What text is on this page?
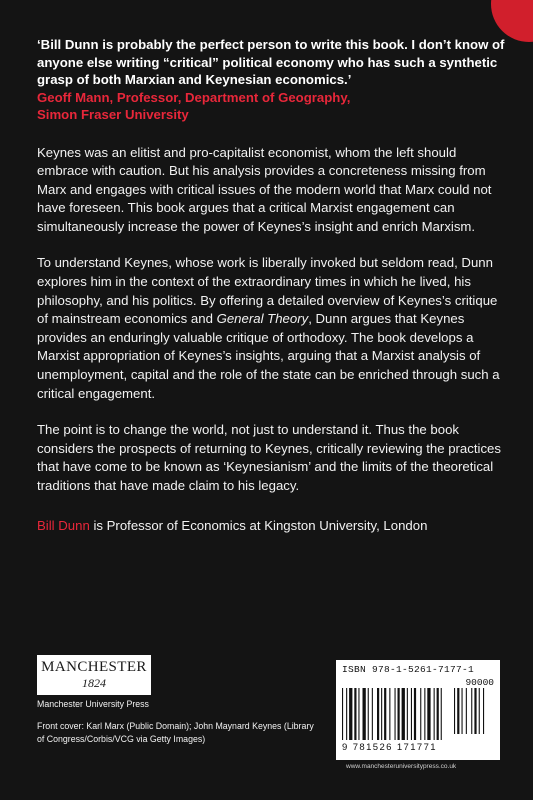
‘Bill Dunn is probably the perfect person to write this book. I don’t know of anyone else writing “critical” political economy who has such a synthetic grasp of both Marxian and Keynesian economics.’

Geoff Mann, Professor, Department of Geography,
Simon Fraser University

Keynes was an elitist and pro-capitalist economist, whom the left should embrace with caution. But his analysis provides a concreteness missing from Marx and engages with critical issues of the modern world that Marx could not have foreseen. This book argues that a critical Marxist engagement can simultaneously increase the power of Keynes’s insight and enrich Marxism.

To understand Keynes, whose work is liberally invoked but seldom read, Dunn explores him in the context of the extraordinary times in which he lived, his philosophy, and his politics. By offering a detailed overview of Keynes’s critique of mainstream economics and General Theory, Dunn argues that Keynes provides an enduringly valuable critique of orthodoxy. The book develops a Marxist appropriation of Keynes’s insights, arguing that a Marxist analysis of unemployment, capital and the role of the state can be enriched through such a critical engagement.

The point is to change the world, not just to understand it. Thus the book considers the prospects of returning to Keynes, critically reviewing the practices that have come to be known as ‘Keynesianism’ and the limits of the theoretical traditions that have made claim to his legacy.

Bill Dunn is Professor of Economics at Kingston University, London
MANCHESTER
1824
Manchester University Press
Front cover: Karl Marx (Public Domain); John Maynard Keynes (Library of Congress/Corbis/VCG via Getty Images)
ISBN 978-1-5261-7177-1
90000
9 781526 171771
www.manchesteruniversitypress.co.uk
